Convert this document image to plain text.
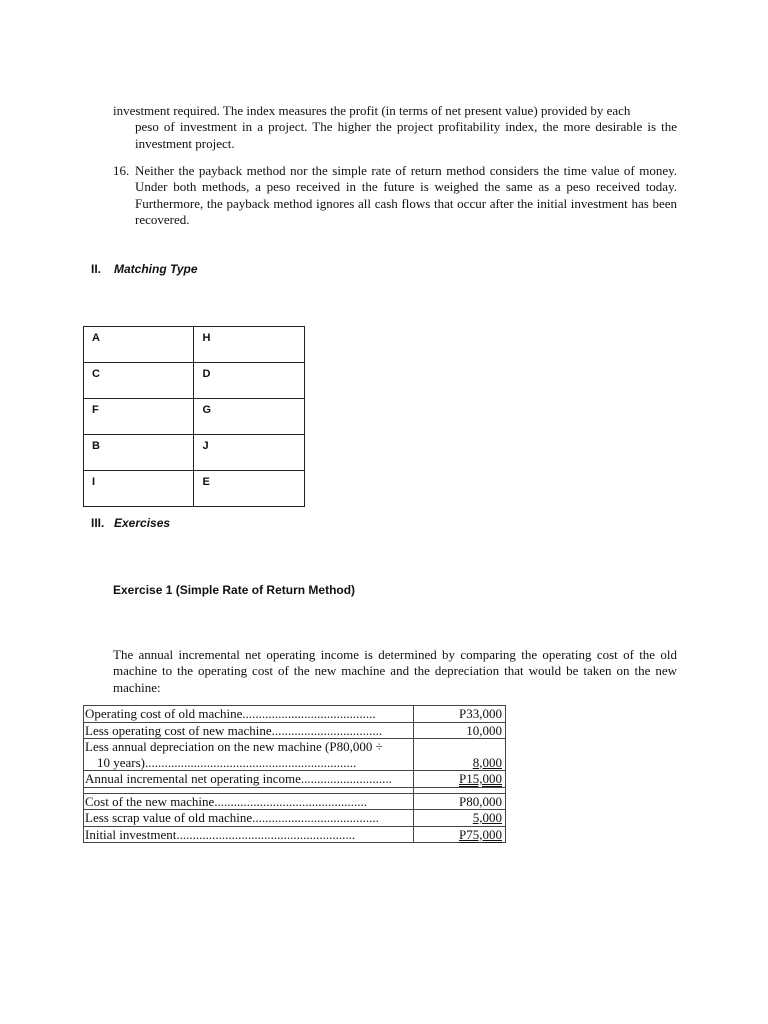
investment required. The index measures the profit (in terms of net present value) provided by each
peso of investment in a project. The higher the project profitability index, the more desirable is the investment project.
16. Neither the payback method nor the simple rate of return method considers the time value of money. Under both methods, a peso received in the future is weighed the same as a peso received today. Furthermore, the payback method ignores all cash flows that occur after the initial investment has been recovered.
II. Matching Type
A	H
C	D
F	G
B	J
I	E
III. Exercises
Exercise 1 (Simple Rate of Return Method)
The annual incremental net operating income is determined by comparing the operating cost of the old machine to the operating cost of the new machine and the depreciation that would be taken on the new machine:
Operating cost of old machine.........................................	P33,000
Less operating cost of new machine..................................	10,000
Less annual depreciation on the new machine (P80,000 ÷
10 years).................................................................	8,000
Annual incremental net operating income............................	P15,000

Cost of the new machine...............................................	P80,000
Less scrap value of old machine.......................................	5,000
Initial investment.......................................................	P75,000
